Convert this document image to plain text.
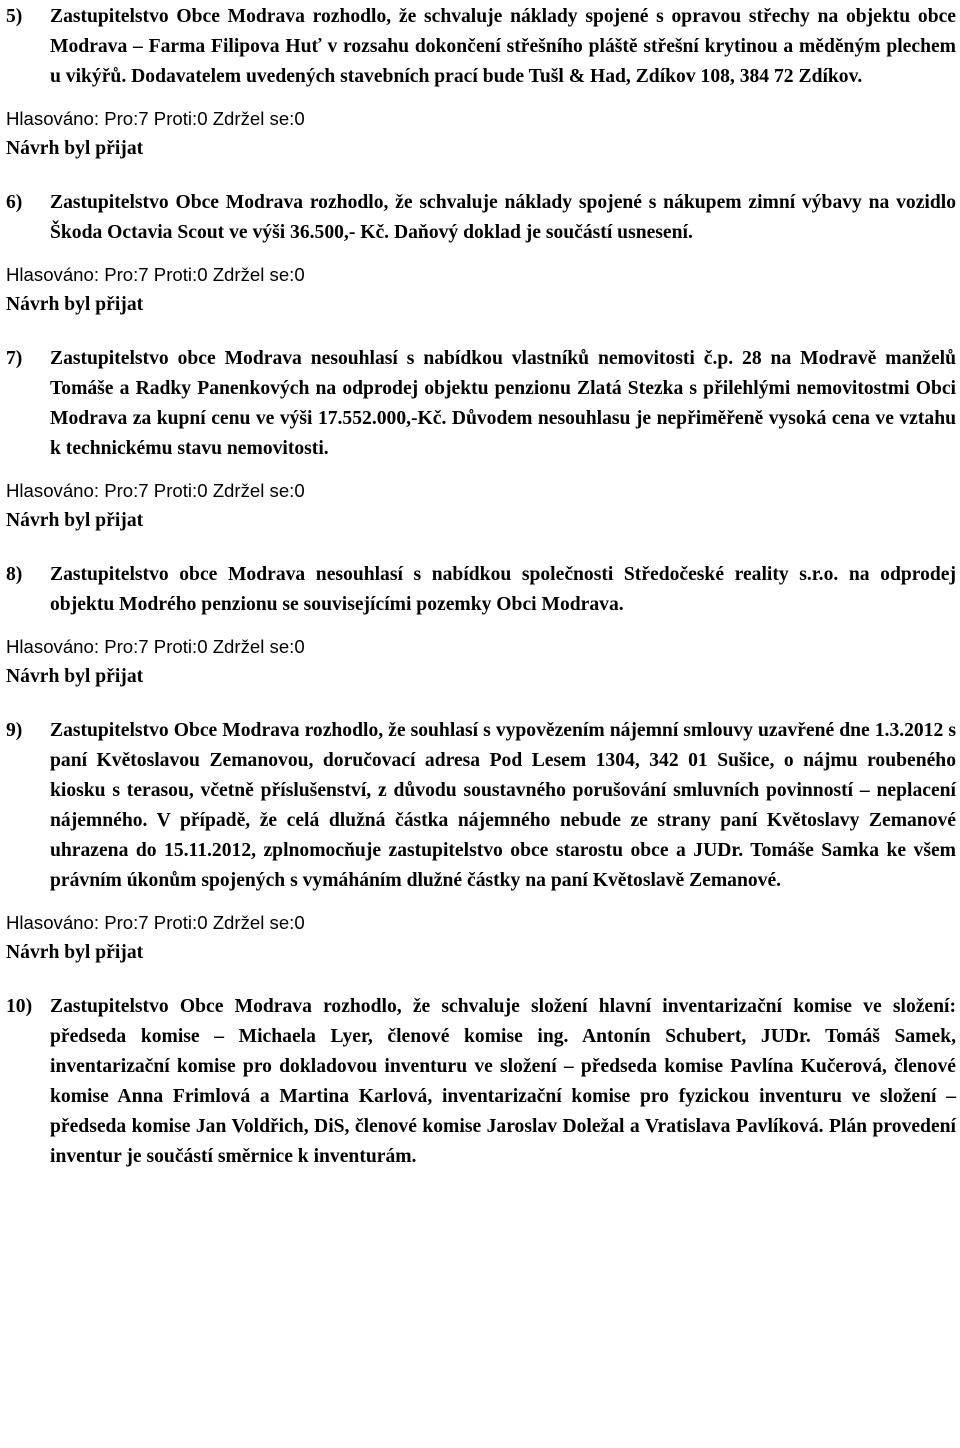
5)	Zastupitelstvo Obce Modrava rozhodlo, že schvaluje náklady spojené s opravou střechy na objektu obce Modrava – Farma Filipova Huť v rozsahu dokončení střešního pláště střešní krytinou a měděným plechem u vikýřů. Dodavatelem uvedených stavebních prací bude Tušl & Had, Zdíkov 108, 384 72 Zdíkov.
Hlasováno: Pro:7 Proti:0 Zdržel se:0
Návrh byl přijat
6)	Zastupitelstvo Obce Modrava rozhodlo, že schvaluje náklady spojené s nákupem zimní výbavy na vozidlo Škoda Octavia Scout ve výši 36.500,- Kč. Daňový doklad je součástí usnesení.
Hlasováno: Pro:7 Proti:0 Zdržel se:0
Návrh byl přijat
7)	Zastupitelstvo obce Modrava nesouhlasí s nabídkou vlastníků nemovitosti č.p. 28 na Modravě manželů Tomáše a Radky Panenkových na odprodej objektu penzionu Zlatá Stezka s přilehlými nemovitostmi Obci Modrava za kupní cenu ve výši 17.552.000,-Kč. Důvodem nesouhlasu je nepřiměřeně vysoká cena ve vztahu k technickému stavu nemovitosti.
Hlasováno: Pro:7 Proti:0 Zdržel se:0
Návrh byl přijat
8)	Zastupitelstvo obce Modrava nesouhlasí s nabídkou společnosti Středočeské reality s.r.o. na odprodej objektu Modrého penzionu se souvisejícími pozemky Obci Modrava.
Hlasováno: Pro:7 Proti:0 Zdržel se:0
Návrh byl přijat
9)	Zastupitelstvo Obce Modrava rozhodlo, že souhlasí s vypovězením nájemní smlouvy uzavřené dne 1.3.2012 s paní Květoslavou Zemanovou, doručovací adresa Pod Lesem 1304, 342 01 Sušice, o nájmu roubeného kiosku s terasou, včetně příslušenství, z důvodu soustavného porušování smluvních povinností – neplacení nájemného. V případě, že celá dlužná částka nájemného nebude ze strany paní Květoslavy Zemanové uhrazena do 15.11.2012, zplnomocňuje zastupitelstvo obce starostu obce a JUDr. Tomáše Samka ke všem právním úkonům spojených s vymáháním dlužné částky na paní Květoslavě Zemanové.
Hlasováno: Pro:7 Proti:0 Zdržel se:0
Návrh byl přijat
10) Zastupitelstvo Obce Modrava rozhodlo, že schvaluje složení hlavní inventarizační komise ve složení: předseda komise – Michaela Lyer, členové komise ing. Antonín Schubert, JUDr. Tomáš Samek, inventarizační komise pro dokladovou inventuru ve složení – předseda komise Pavlína Kučerová, členové komise Anna Frimlová a Martina Karlová, inventarizační komise pro fyzickou inventuru ve složení – předseda komise Jan Voldřich, DiS, členové komise Jaroslav Doležal a Vratislava Pavlíková. Plán provedení inventur je součástí směrnice k inventurám.
